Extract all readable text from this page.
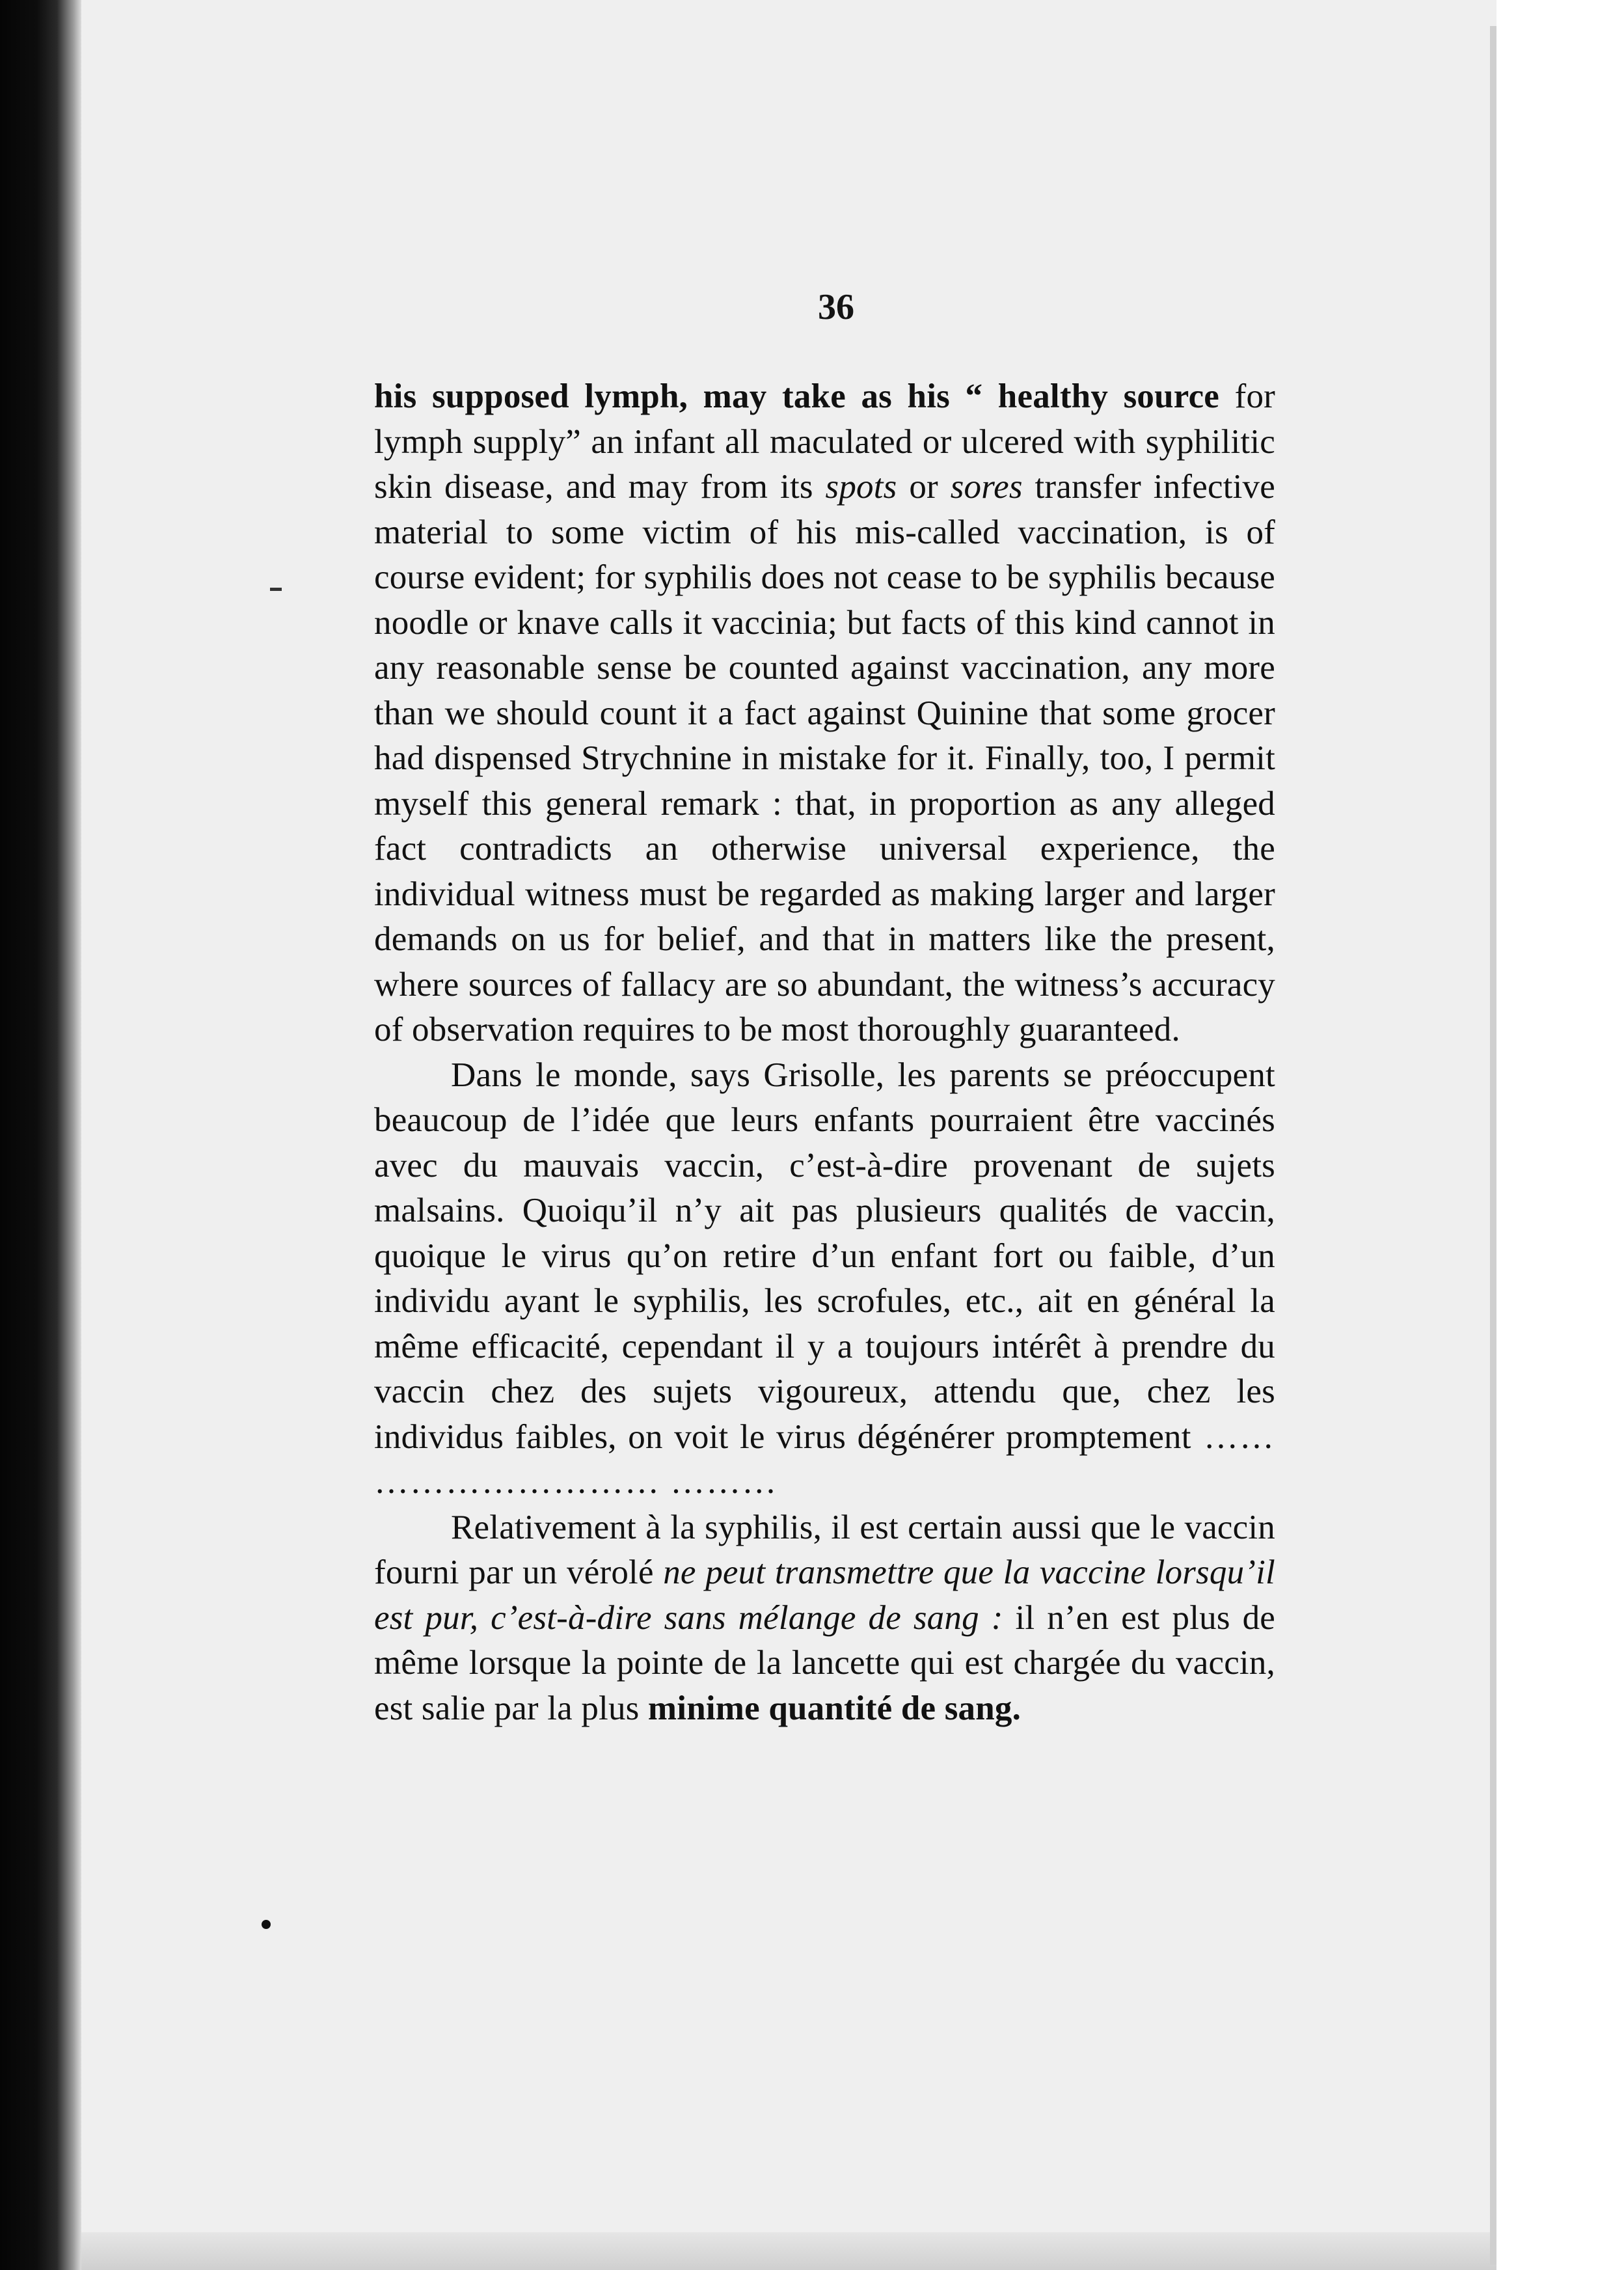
36

his supposed lymph, may take as his “ healthy source for lymph supply” an infant all maculated or ulcered with syphilitic skin disease, and may from its spots or sores transfer infective material to some victim of his mis-called vaccination, is of course evident; for syphilis does not cease to be syphilis because noodle or knave calls it vaccinia; but facts of this kind cannot in any reasonable sense be counted against vaccination, any more than we should count it a fact against Quinine that some grocer had dispensed Strychnine in mistake for it. Finally, too, I permit myself this general remark : that, in proportion as any alleged fact contradicts an otherwise universal experience, the individual witness must be regarded as making larger and larger demands on us for belief, and that in matters like the present, where sources of fallacy are so abundant, the witness’s accuracy of observation requires to be most thoroughly guaranteed.

Dans le monde, says Grisolle, les parents se préoccupent beaucoup de l’idée que leurs enfants pourraient être vaccinés avec du mauvais vaccin, c’est-à-dire provenant de sujets malsains. Quoiqu’il n’y ait pas plusieurs qualités de vaccin, quoique le virus qu’on retire d’un enfant fort ou faible, d’un individu ayant le syphilis, les scrofules, etc., ait en général la même efficacité, cependant il y a toujours intérêt à prendre du vaccin chez des sujets vigoureux, attendu que, chez les individus faibles, on voit le virus dégénérer promptement …… …………………… ………

Relativement à la syphilis, il est certain aussi que le vaccin fourni par un vérolé ne peut transmettre que la vaccine lorsqu’il est pur, c’est-à-dire sans mélange de sang : il n’en est plus de même lorsque la pointe de la lancette qui est chargée du vaccin, est salie par la plus minime quantité de sang.
